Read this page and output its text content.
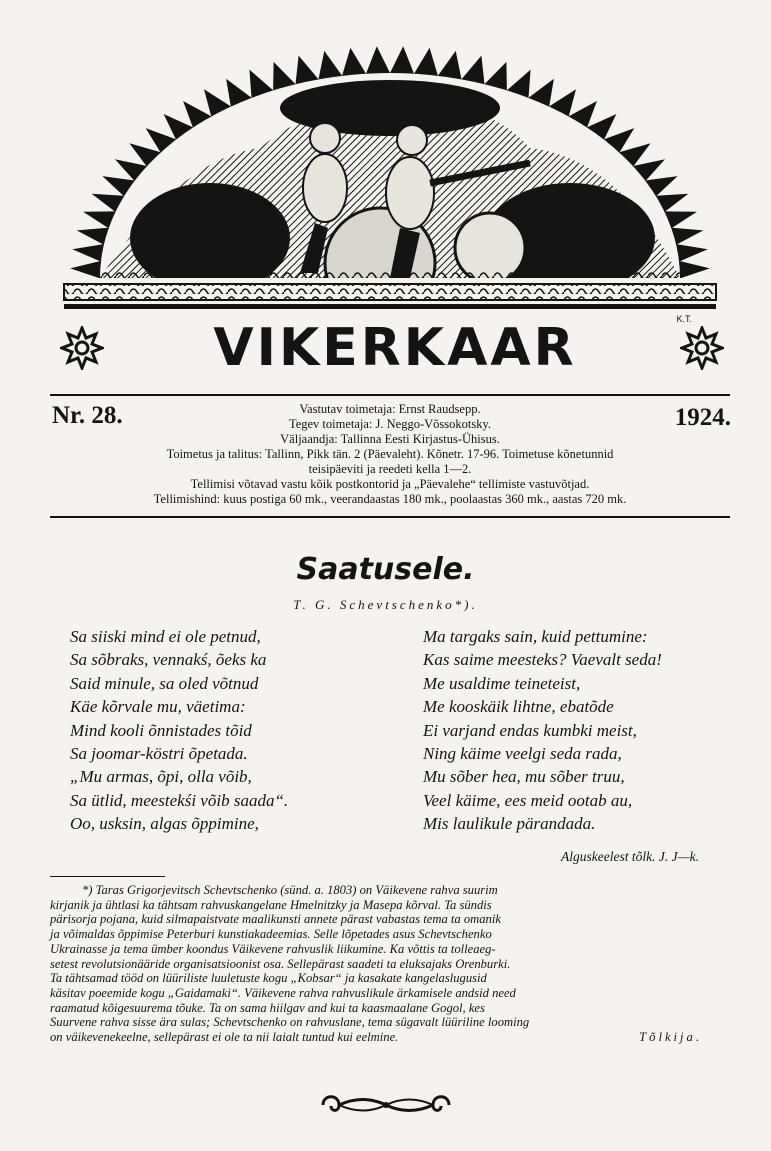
VIKERKAAR	K.T.
Nr. 28.	1924.
Vastutav toimetaja: Ernst Raudsepp.
Tegev toimetaja: J. Neggo-Võssokotsky.
Väljaandja: Tallinna Eesti Kirjastus-Ühisus.
Toimetus ja talitus: Tallinn, Pikk tän. 2 (Päevaleht). Kõnetr. 17-96. Toimetuse kõnetunnid
teisipäeviti ja reedeti kella 1—2.
Tellimisi võtavad vastu kõik postkontorid ja „Päevalehe“ tellimiste vastuvõtjad.
Tellimishind: kuus postiga 60 mk., veerandaastas 180 mk., poolaastas 360 mk., aastas 720 mk.
Saatusele.
T. G. Schevtschenko*).
Sa siiski mind ei ole petnud,
Sa sõbraks, vennakś, õeks ka
Said minule, sa oled võtnud
Käe kõrvale mu, väetima:
Mind kooli õnnistades tõid
Sa joomar-köstri õpetada.
„Mu armas, õpi, olla võib,
Sa ütlid, meestekśi võib saada“.
Oo, usksin, algas õppimine,
Ma targaks sain, kuid pettumine:
Kas saime meesteks? Vaevalt seda!
Me usaldime teineteist,
Me kooskäik lihtne, ebatõde
Ei varjand endas kumbki meist,
Ning käime veelgi seda rada,
Mu sõber hea, mu sõber truu,
Veel käime, ees meid ootab au,
Mis laulikule pärandada.
Alguskeelest tõlk. J. J—k.
*) Taras Grigorjevitsch Schevtschenko (sünd. a. 1803) on Väikevene rahva suurim
kirjanik ja ühtlasi ka tähtsam rahvuskangelane Hmelnitzky ja Masepa kõrval. Ta sündis
pärisorja pojana, kuid silmapaistvate maalikunsti annete pärast vabastas tema ta omanik
ja võimaldas õppimise Peterburi kunstiakadeemias. Selle lõpetades asus Schevtschenko
Ukrainasse ja tema ümber koondus Väikevene rahvuslik liikumine. Ka võttis ta tolleaeg-
setest revolutsionääride organisatsioonist osa. Sellepärast saadeti ta eluksajaks Orenburki.
Ta tähtsamad tööd on lüüriliste luuletuste kogu „Kobsar“ ja kasakate kangelaslugusid
käsitav poeemide kogu „Gaidamaki“. Väikevene rahva rahvuslikule ärkamisele andsid need
raamatud kõigesuurema tõuke. Ta on sama hiilgav and kui ta kaasmaalane Gogol, kes
Suurvene rahva sisse ära sulas; Schevtschenko on rahvuslane, tema sügavalt lüüriline looming
on väikevenekeelne, sellepärast ei ole ta nii laialt tuntud kui eelmine.	Tõlkija.
